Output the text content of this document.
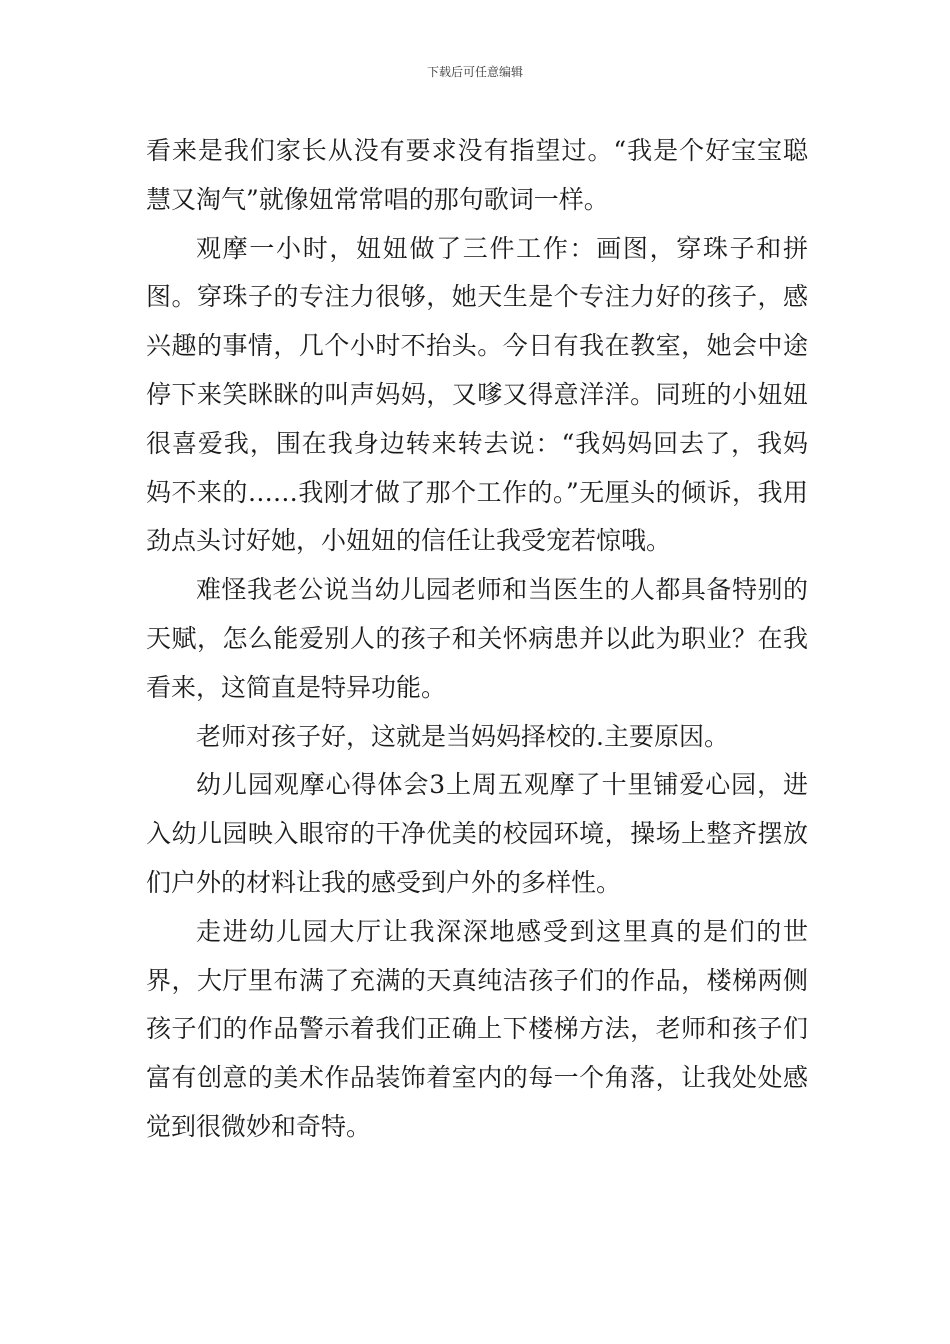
下载后可任意编辑

看来是我们家长从没有要求没有指望过。“我是个好宝宝聪慧又淘气”就像妞常常唱的那句歌词一样。

观摩一小时，妞妞做了三件工作：画图，穿珠子和拼图。穿珠子的专注力很够，她天生是个专注力好的孩子，感兴趣的事情，几个小时不抬头。今日有我在教室，她会中途停下来笑眯眯的叫声妈妈，又嗲又得意洋洋。同班的小妞妞很喜爱我，围在我身边转来转去说：“我妈妈回去了，我妈妈不来的……我刚才做了那个工作的。”无厘头的倾诉，我用劲点头讨好她，小妞妞的信任让我受宠若惊哦。

难怪我老公说当幼儿园老师和当医生的人都具备特别的天赋，怎么能爱别人的孩子和关怀病患并以此为职业？在我看来，这简直是特异功能。

老师对孩子好，这就是当妈妈择校的.主要原因。

幼儿园观摩心得体会3上周五观摩了十里铺爱心园，进入幼儿园映入眼帘的干净优美的校园环境，操场上整齐摆放们户外的材料让我的感受到户外的多样性。

走进幼儿园大厅让我深深地感受到这里真的是们的世界，大厅里布满了充满的天真纯洁孩子们的作品，楼梯两侧孩子们的作品警示着我们正确上下楼梯方法，老师和孩子们富有创意的美术作品装饰着室内的每一个角落，让我处处感觉到很微妙和奇特。
